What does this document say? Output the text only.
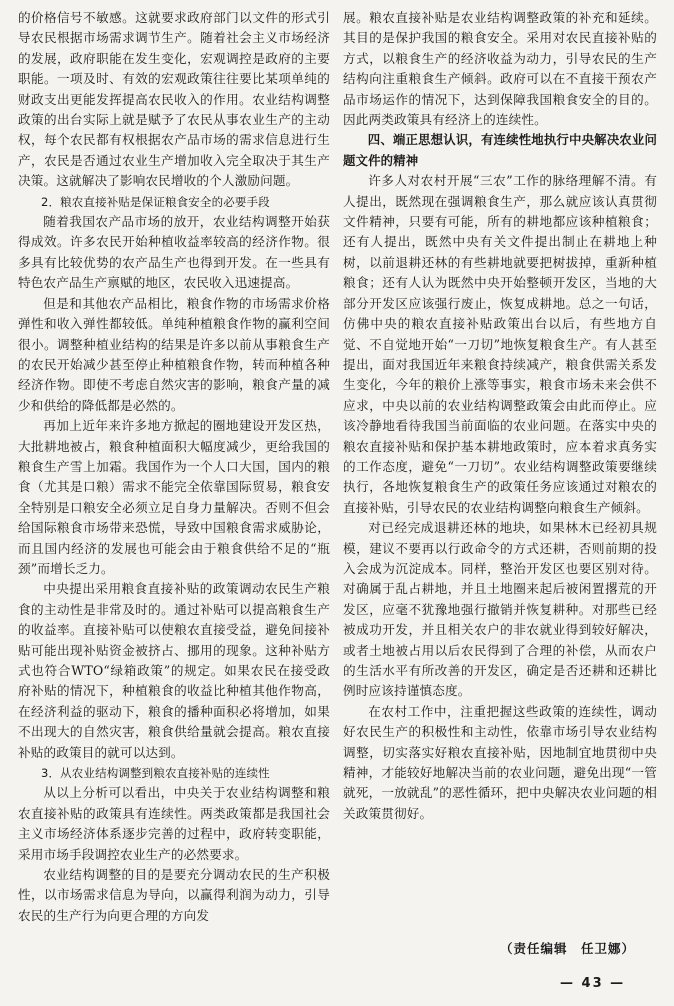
的价格信号不敏感。这就要求政府部门以文件的形式引导农民根据市场需求调节生产。随着社会主义市场经济的发展，政府职能在发生变化，宏观调控是政府的主要职能。一项及时、有效的宏观政策往往要比某项单纯的财政支出更能发挥提高农民收入的作用。农业结构调整政策的出台实际上就是赋予了农民从事农业生产的主动权，每个农民都有权根据农产品市场的需求信息进行生产，农民是否通过农业生产增加收入完全取决于其生产决策。这就解决了影响农民增收的个人激励问题。

2．粮农直接补贴是保证粮食安全的必要手段

随着我国农产品市场的放开，农业结构调整开始获得成效。许多农民开始种植收益率较高的经济作物。很多具有比较优势的农产品生产也得到开发。在一些具有特色农产品生产禀赋的地区，农民收入迅速提高。

但是和其他农产品相比，粮食作物的市场需求价格弹性和收入弹性都较低。单纯种植粮食作物的赢利空间很小。调整种植业结构的结果是许多以前从事粮食生产的农民开始减少甚至停止种植粮食作物，转而种植各种经济作物。即使不考虑自然灾害的影响，粮食产量的减少和供给的降低都是必然的。

再加上近年来许多地方掀起的圈地建设开发区热，大批耕地被占，粮食种植面积大幅度减少，更给我国的粮食生产雪上加霜。我国作为一个人口大国，国内的粮食（尤其是口粮）需求不能完全依靠国际贸易，粮食安全特别是口粮安全必须立足自身力量解决。否则不但会给国际粮食市场带来恐慌，导致中国粮食需求威胁论，而且国内经济的发展也可能会由于粮食供给不足的“瓶颈”而增长乏力。

中央提出采用粮食直接补贴的政策调动农民生产粮食的主动性是非常及时的。通过补贴可以提高粮食生产的收益率。直接补贴可以使粮农直接受益，避免间接补贴可能出现补贴资金被挤占、挪用的现象。这种补贴方式也符合WTO“绿箱政策”的规定。如果农民在接受政府补贴的情况下，种植粮食的收益比种植其他作物高，在经济利益的驱动下，粮食的播种面积必将增加，如果不出现大的自然灾害，粮食供给量就会提高。粮农直接补贴的政策目的就可以达到。

3．从农业结构调整到粮农直接补贴的连续性

从以上分析可以看出，中央关于农业结构调整和粮农直接补贴的政策具有连续性。两类政策都是我国社会主义市场经济体系逐步完善的过程中，政府转变职能，采用市场手段调控农业生产的必然要求。

农业结构调整的目的是要充分调动农民的生产积极性，以市场需求信息为导向，以赢得利润为动力，引导农民的生产行为向更合理的方向发

展。粮农直接补贴是农业结构调整政策的补充和延续。其目的是保护我国的粮食安全。采用对农民直接补贴的方式，以粮食生产的经济收益为动力，引导农民的生产结构向注重粮食生产倾斜。政府可以在不直接干预农产品市场运作的情况下，达到保障我国粮食安全的目的。因此两类政策具有经济上的连续性。

四、端正思想认识，有连续性地执行中央解决农业问题文件的精神

许多人对农村开展“三农”工作的脉络理解不清。有人提出，既然现在强调粮食生产，那么就应该认真贯彻文件精神，只要有可能，所有的耕地都应该种植粮食；还有人提出，既然中央有关文件提出制止在耕地上种树，以前退耕还林的有些耕地就要把树拔掉，重新种植粮食；还有人认为既然中央开始整顿开发区，当地的大部分开发区应该强行废止，恢复成耕地。总之一句话，仿佛中央的粮农直接补贴政策出台以后，有些地方自觉、不自觉地开始“一刀切”地恢复粮食生产。有人甚至提出，面对我国近年来粮食持续减产，粮食供需关系发生变化，今年的粮价上涨等事实，粮食市场未来会供不应求，中央以前的农业结构调整政策会由此而停止。应该冷静地看待我国当前面临的农业问题。在落实中央的粮农直接补贴和保护基本耕地政策时，应本着求真务实的工作态度，避免“一刀切”。农业结构调整政策要继续执行，各地恢复粮食生产的政策任务应该通过对粮农的直接补贴，引导农民的农业结构调整向粮食生产倾斜。

对已经完成退耕还林的地块，如果林木已经初具规模，建议不要再以行政命令的方式还耕，否则前期的投入会成为沉淀成本。同样，整治开发区也要区别对待。对确属于乱占耕地，并且土地圈来起后被闲置撂荒的开发区，应毫不犹豫地强行撤销并恢复耕种。对那些已经被成功开发，并且相关农户的非农就业得到较好解决，或者土地被占用以后农民得到了合理的补偿，从而农户的生活水平有所改善的开发区，确定是否还耕和还耕比例时应该持谨慎态度。

在农村工作中，注重把握这些政策的连续性，调动好农民生产的积极性和主动性，依靠市场引导农业结构调整，切实落实好粮农直接补贴，因地制宜地贯彻中央精神，才能较好地解决当前的农业问题，避免出现“一管就死，一放就乱”的恶性循环，把中央解决农业问题的相关政策贯彻好。

（责任编辑　任卫娜）
— 43 —
